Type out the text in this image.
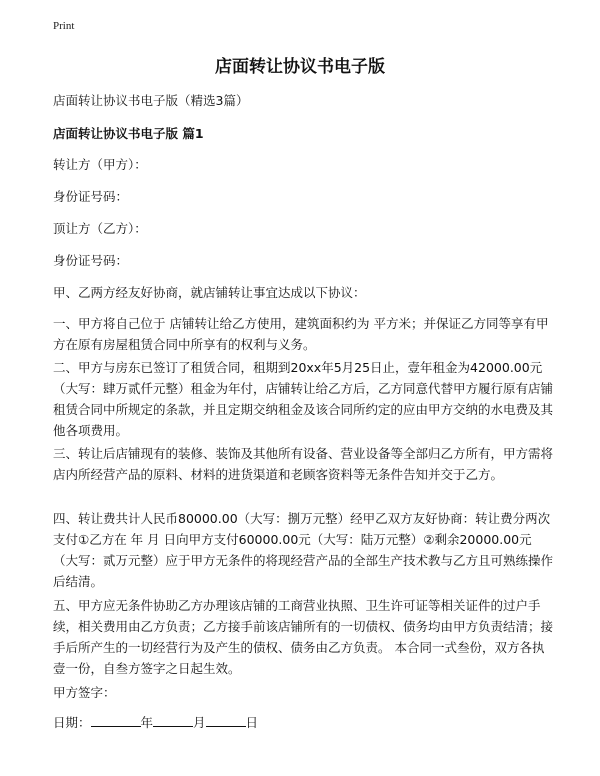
Print
店面转让协议书电子版

店面转让协议书电子版（精选3篇）

店面转让协议书电子版 篇1

转让方（甲方）：

身份证号码：

顶让方（乙方）：

身份证号码：

甲、乙两方经友好协商，就店铺转让事宜达成以下协议：

一、甲方将自己位于 店铺转让给乙方使用，建筑面积约为 平方米；并保证乙方同等享有甲方在原有房屋租赁合同中所享有的权利与义务。

二、甲方与房东已签订了租赁合同，租期到20xx年5月25日止，壹年租金为42000.00元（大写：肆万贰仟元整）租金为年付，店铺转让给乙方后，乙方同意代替甲方履行原有店铺租赁合同中所规定的条款，并且定期交纳租金及该合同所约定的应由甲方交纳的水电费及其他各项费用。

三、转让后店铺现有的装修、装饰及其他所有设备、营业设备等全部归乙方所有，甲方需将店内所经营产品的原料、材料的进货渠道和老顾客资料等无条件告知并交于乙方。

四、转让费共计人民币80000.00（大写：捌万元整）经甲乙双方友好协商：转让费分两次支付①乙方在 年 月 日向甲方支付60000.00元（大写：陆万元整）②剩余20000.00元（大写：贰万元整）应于甲方无条件的将现经营产品的全部生产技术教与乙方且可熟练操作后结清。

五、甲方应无条件协助乙方办理该店铺的工商营业执照、卫生许可证等相关证件的过户手续，相关费用由乙方负责；乙方接手前该店铺所有的一切债权、债务均由甲方负责结清；接手后所产生的一切经营行为及产生的债权、债务由乙方负责。 本合同一式叁份，双方各执壹一份，自叁方签字之日起生效。

甲方签字：

日期：	年	月	日
